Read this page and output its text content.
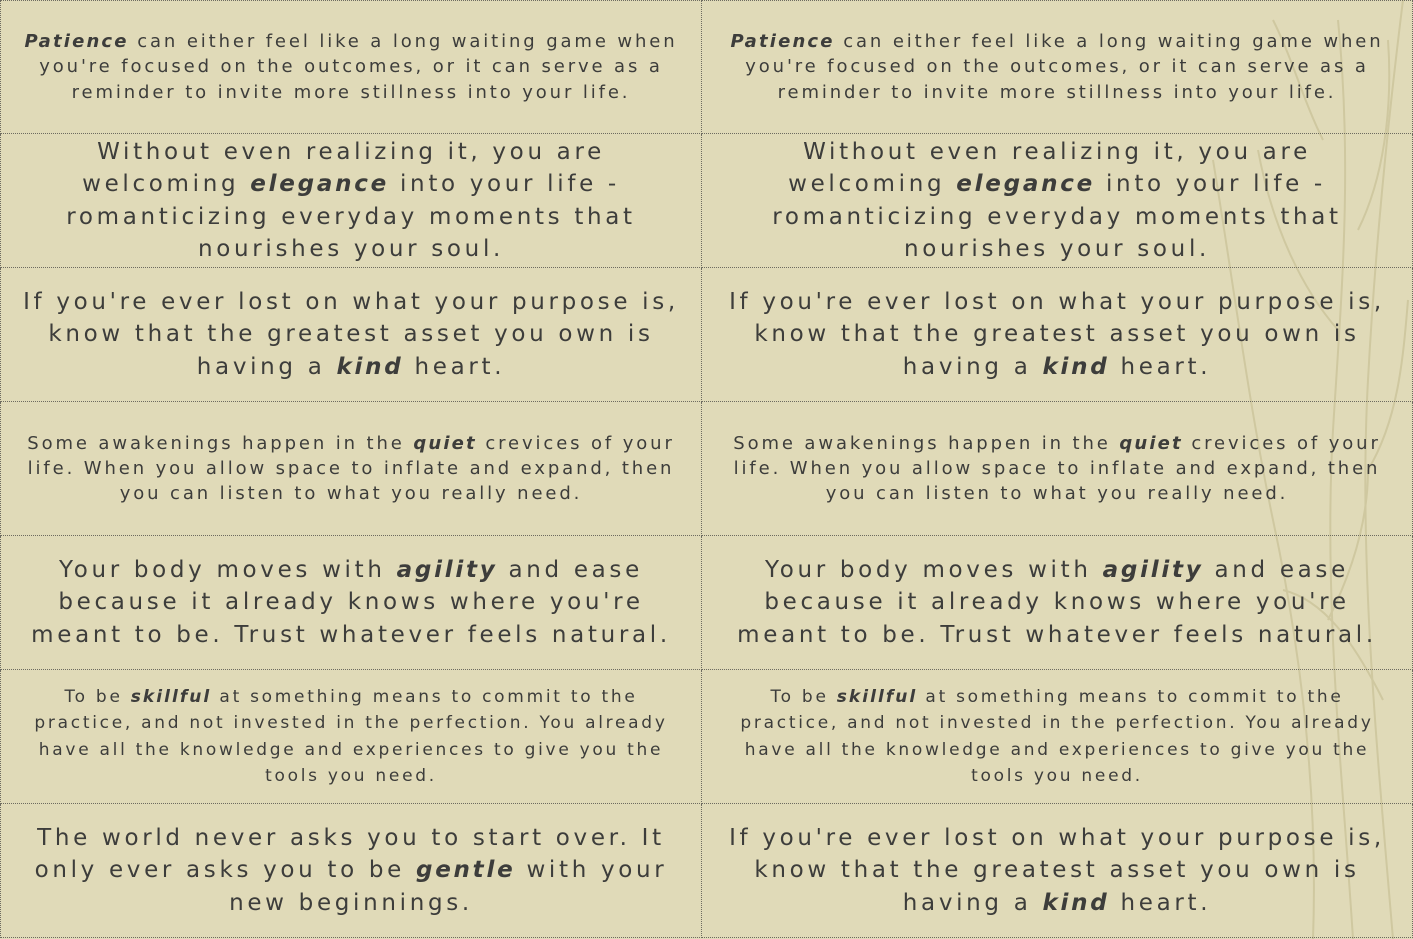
Patience can either feel like a long waiting game when you're focused on the outcomes, or it can serve as a reminder to invite more stillness into your life.

Patience can either feel like a long waiting game when you're focused on the outcomes, or it can serve as a reminder to invite more stillness into your life.

Without even realizing it, you are welcoming elegance into your life - romanticizing everyday moments that nourishes your soul.

Without even realizing it, you are welcoming elegance into your life - romanticizing everyday moments that nourishes your soul.

If you're ever lost on what your purpose is, know that the greatest asset you own is having a kind heart.

If you're ever lost on what your purpose is, know that the greatest asset you own is having a kind heart.

Some awakenings happen in the quiet crevices of your life. When you allow space to inflate and expand, then you can listen to what you really need.

Some awakenings happen in the quiet crevices of your life. When you allow space to inflate and expand, then you can listen to what you really need.

Your body moves with agility and ease because it already knows where you're meant to be. Trust whatever feels natural.

Your body moves with agility and ease because it already knows where you're meant to be. Trust whatever feels natural.

To be skillful at something means to commit to the practice, and not invested in the perfection. You already have all the knowledge and experiences to give you the tools you need.

To be skillful at something means to commit to the practice, and not invested in the perfection. You already have all the knowledge and experiences to give you the tools you need.

The world never asks you to start over. It only ever asks you to be gentle with your new beginnings.

If you're ever lost on what your purpose is, know that the greatest asset you own is having a kind heart.
